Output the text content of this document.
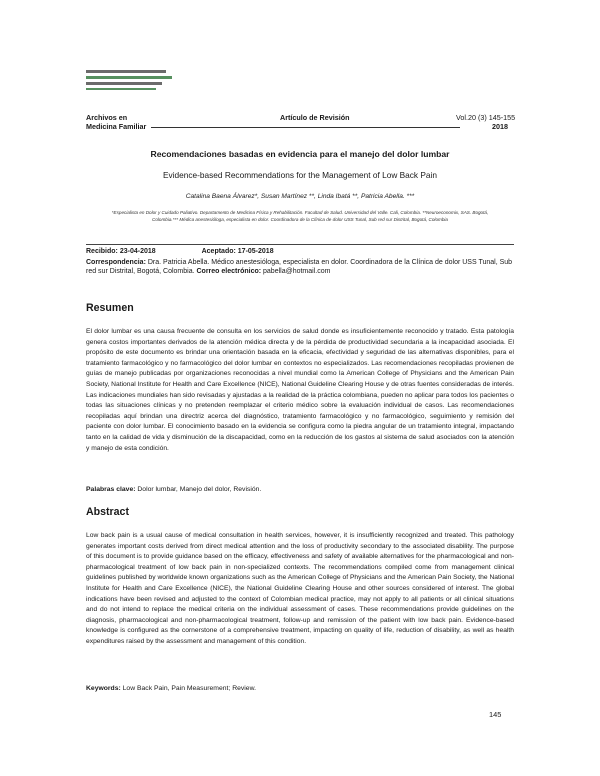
Archivos en
Medicina Familiar
Artículo de Revisión	Vol.20 (3) 145-155
2018
Recomendaciones basadas en evidencia para el manejo del dolor lumbar
Evidence-based Recommendations for the Management of Low Back Pain
Catalina Baena Álvarez*, Susan Martínez **, Linda Ibatá **, Patricia Abella. ***
*Especialista en Dolor y Cuidado Paliativo. Departamento de Medicina Física y Rehabilitación. Facultad de Salud. Universidad del Valle. Cali, Colombia. **Neuroeconomix, SAS. Bogotá, Colombia.*** Médica anestesióloga, especialista en dolor. Coordinadora de la Clínica de dolor USS Tunal, Sub red sur Distrital, Bogotá, Colombia
Recibido: 23-04-2018	Aceptado: 17-05-2018
Correspondencia: Dra. Patricia Abella. Médico anestesióloga, especialista en dolor. Coordinadora de la Clínica de dolor USS Tunal, Sub red sur Distrital, Bogotá, Colombia. Correo electrónico: pabella@hotmail.com
Resumen
El dolor lumbar es una causa frecuente de consulta en los servicios de salud donde es insuficientemente reconocido y tratado. Esta patología genera costos importantes derivados de la atención médica directa y de la pérdida de productividad secundaria a la incapacidad asociada. El propósito de este documento es brindar una orientación basada en la eficacia, efectividad y seguridad de las alternativas disponibles, para el tratamiento farmacológico y no farmacológico del dolor lumbar en contextos no especializados. Las recomendaciones recopiladas provienen de guías de manejo publicadas por organizaciones reconocidas a nivel mundial como la American College of Physicians and the American Pain Society, National Institute for Health and Care Excellence (NICE), National Guideline Clearing House y de otras fuentes consideradas de interés. Las indicaciones mundiales han sido revisadas y ajustadas a la realidad de la práctica colombiana, pueden no aplicar para todos los pacientes o todas las situaciones clínicas y no pretenden reemplazar el criterio médico sobre la evaluación individual de casos. Las recomendaciones recopiladas aquí brindan una directriz acerca del diagnóstico, tratamiento farmacológico y no farmacológico, seguimiento y remisión del paciente con dolor lumbar. El conocimiento basado en la evidencia se configura como la piedra angular de un tratamiento integral, impactando tanto en la calidad de vida y disminución de la discapacidad, como en la reducción de los gastos al sistema de salud asociados con la atención y manejo de esta condición.
Palabras clave: Dolor lumbar, Manejo del dolor, Revisión.
Abstract
Low back pain is a usual cause of medical consultation in health services, however, it is insufficiently recognized and treated. This pathology generates important costs derived from direct medical attention and the loss of productivity secondary to the associated disability. The purpose of this document is to provide guidance based on the efficacy, effectiveness and safety of available alternatives for the pharmacological and non-pharmacological treatment of low back pain in non-specialized contexts. The recommendations compiled come from management clinical guidelines published by worldwide known organizations such as the American College of Physicians and the American Pain Society, the National Institute for Health and Care Excellence (NICE), the National Guideline Clearing House and other sources considered of interest. The global indications have been revised and adjusted to the context of Colombian medical practice, may not apply to all patients or all clinical situations and do not intend to replace the medical criteria on the individual assessment of cases. These recommendations provide guidelines on the diagnosis, pharmacological and non-pharmacological treatment, follow-up and remission of the patient with low back pain. Evidence-based knowledge is configured as the cornerstone of a comprehensive treatment, impacting on quality of life, reduction of disability, as well as health expenditures raised by the assessment and management of this condition.
Keywords: Low Back Pain, Pain Measurement; Review.
145
